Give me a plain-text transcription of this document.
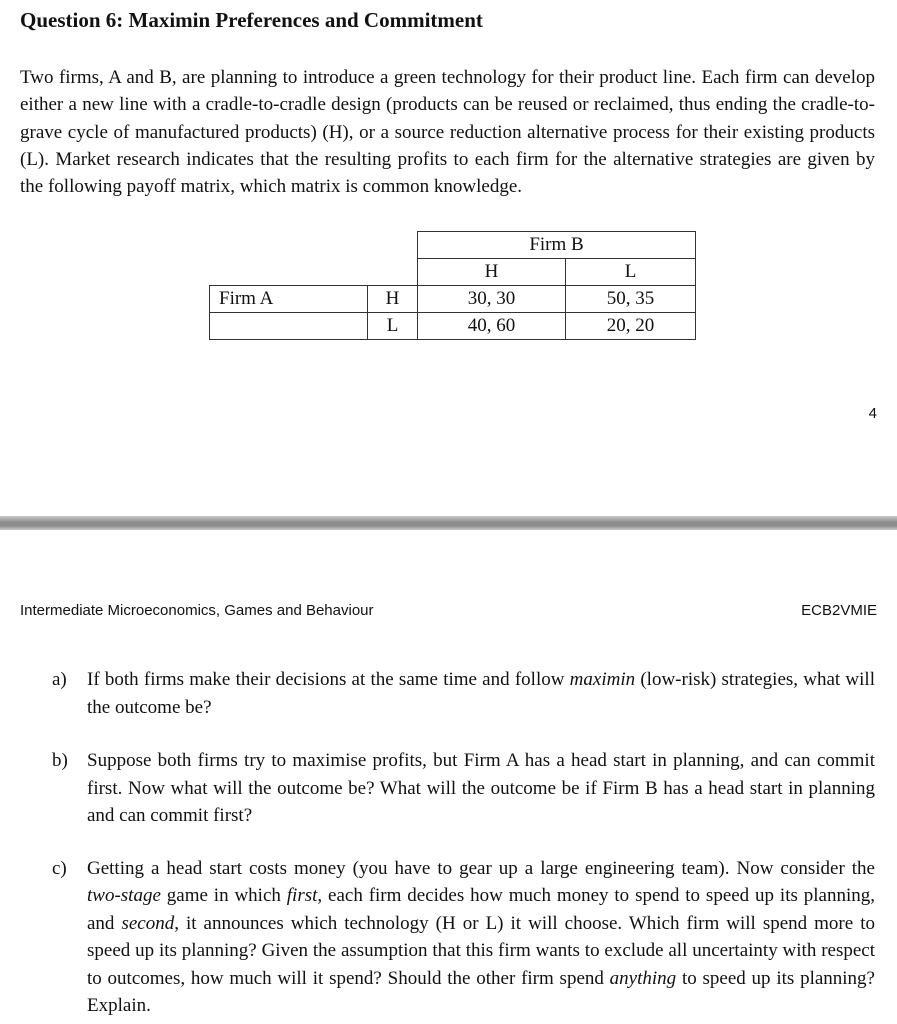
Question 6: Maximin Preferences and Commitment

Two firms, A and B, are planning to introduce a green technology for their product line. Each firm can develop either a new line with a cradle-to-cradle design (products can be reused or reclaimed, thus ending the cradle-to-grave cycle of manufactured products) (H), or a source reduction alternative process for their existing products (L). Market research indicates that the resulting profits to each firm for the alternative strategies are given by the following payoff matrix, which matrix is common knowledge.

		Firm B	
		H	L
Firm A	H	30, 30	50, 35
	L	40, 60	20, 20
4
Intermediate Microeconomics, Games and Behaviour	ECB2VMIE
a) If both firms make their decisions at the same time and follow maximin (low-risk) strategies, what will the outcome be?
b) Suppose both firms try to maximise profits, but Firm A has a head start in planning, and can commit first. Now what will the outcome be? What will the outcome be if Firm B has a head start in planning and can commit first?
c) Getting a head start costs money (you have to gear up a large engineering team). Now consider the two-stage game in which first, each firm decides how much money to spend to speed up its planning, and second, it announces which technology (H or L) it will choose. Which firm will spend more to speed up its planning? Given the assumption that this firm wants to exclude all uncertainty with respect to outcomes, how much will it spend? Should the other firm spend anything to speed up its planning? Explain.
